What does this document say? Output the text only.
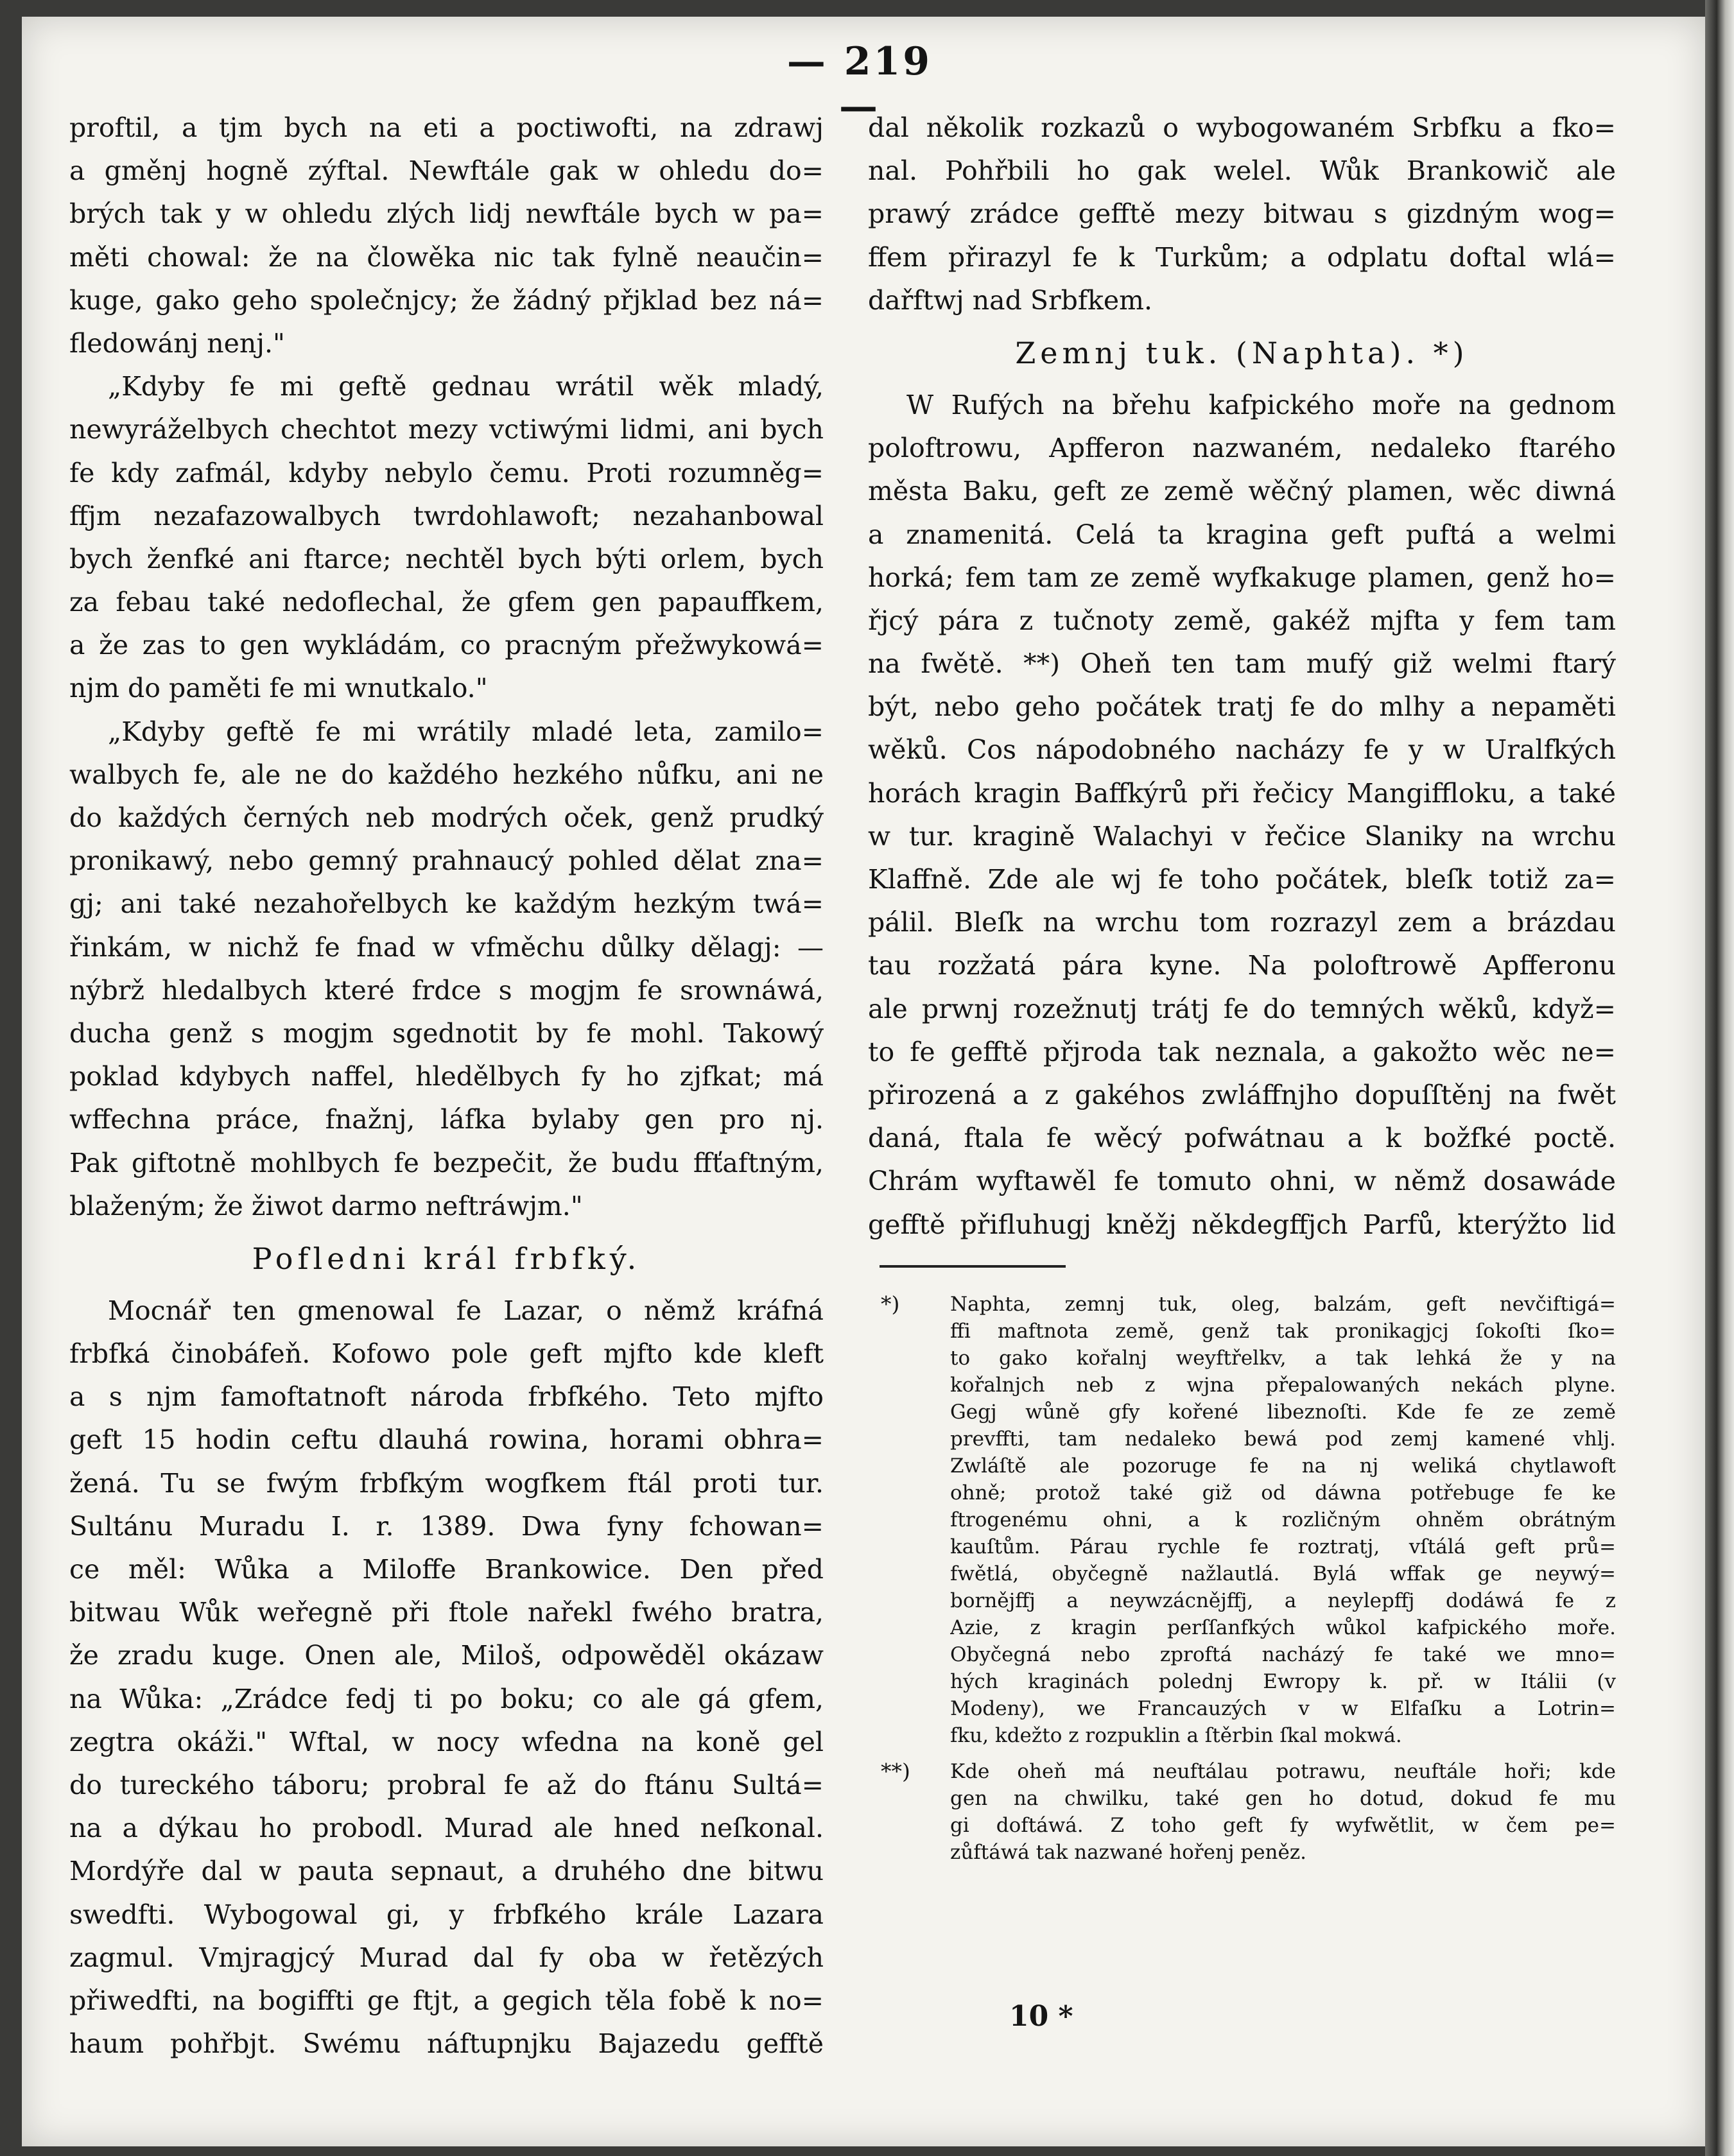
— 219 —
proftil, a tjm bych na eti a poctiwofti, na zdrawj
a gměnj hogně zýftal. Newftále gak w ohledu do=
brých tak y w ohledu zlých lidj newftále bych w pa=
měti chowal: že na člowěka nic tak fylně neaučin=
kuge, gako geho společnjcy; že žádný přjklad bez ná=
fledowánj nenj."
„Kdyby fe mi geftě gednau wrátil wěk mladý,
newyráželbych chechtot mezy vctiwými lidmi, ani bych
fe kdy zafmál, kdyby nebylo čemu. Proti rozumněg=
ffjm nezafazowalbych twrdohlawoft; nezahanbowal
bych ženfké ani ftarce; nechtěl bych býti orlem, bych
za febau také nedoflechal, že gfem gen papauffkem,
a že zas to gen wykládám, co pracným přežwykowá=
njm do paměti fe mi wnutkalo."
„Kdyby geftě fe mi wrátily mladé leta, zamilo=
walbych fe, ale ne do každého hezkého nůfku, ani ne
do každých černých neb modrých oček, genž prudký
pronikawý, nebo gemný prahnaucý pohled dělat zna=
gj; ani také nezahořelbych ke každým hezkým twá=
řinkám, w nichž fe fnad w vfměchu důlky dělagj: —
nýbrž hledalbych které frdce s mogjm fe srownáwá,
ducha genž s mogjm sgednotit by fe mohl. Takowý
poklad kdybych naffel, hledělbych fy ho zjfkat; má
wffechna práce, fnažnj, láfka bylaby gen pro nj.
Pak giftotně mohlbych fe bezpečit, že budu ffťaftným,
blaženým; že žiwot darmo neftráwjm."
Pofledni král frbfký.
Mocnář ten gmenowal fe Lazar, o němž kráfná
frbfká činobáfeň. Kofowo pole geft mjfto kde kleft
a s njm famoftatnoft národa frbfkého. Teto mjfto
geft 15 hodin ceftu dlauhá rowina, horami obhra=
žená. Tu se fwým frbfkým wogfkem ftál proti tur.
Sultánu Muradu I. r. 1389. Dwa fyny fchowan=
ce měl: Wůka a Miloffe Brankowice. Den před
bitwau Wůk weřegně při ftole nařekl fwého bratra,
že zradu kuge. Onen ale, Miloš, odpowěděl okázaw
na Wůka: „Zrádce fedj ti po boku; co ale gá gfem,
zegtra okáži." Wftal, w nocy wfedna na koně gel
do tureckého táboru; probral fe až do ftánu Sultá=
na a dýkau ho probodl. Murad ale hned neſkonal.
Mordýře dal w pauta sepnaut, a druhého dne bitwu
swedfti. Wybogowal gi, y frbfkého krále Lazara
zagmul. Vmjragjcý Murad dal fy oba w řetězých
přiwedfti, na bogiffti ge ftjt, a gegich těla fobě k no=
haum pohřbjt. Swému náftupnjku Bajazedu gefftě
dal několik rozkazů o wybogowaném Srbfku a fko=
nal. Pohřbili ho gak welel. Wůk Brankowič ale
prawý zrádce gefftě mezy bitwau s gizdným wog=
ffem přirazyl fe k Turkům; a odplatu doftal wlá=
dařftwj nad Srbfkem.
Zemnj tuk. (Naphta). *)
W Rufých na břehu kafpického moře na gednom
poloftrowu, Apfferon nazwaném, nedaleko ftarého
města Baku, geft ze země wěčný plamen, wěc diwná
a znamenitá. Celá ta kragina geft puftá a welmi
horká; fem tam ze země wyfkakuge plamen, genž ho=
řjcý pára z tučnoty země, gakéž mjfta y fem tam
na fwětě. **) Oheň ten tam mufý giž welmi ftarý
být, nebo geho počátek tratj fe do mlhy a nepaměti
wěků. Cos nápodobného nacházy fe y w Uralfkých
horách kragin Baffkýrů při řečicy Mangiffloku, a také
w tur. kragině Walachyi v řečice Slaniky na wrchu
Klaffně. Zde ale wj fe toho počátek, bleſk totiž za=
pálil. Bleſk na wrchu tom rozrazyl zem a brázdau
tau rozžatá pára kyne. Na poloftrowě Apfferonu
ale prwnj rozežnutj trátj fe do temných wěků, když=
to fe gefftě přjroda tak neznala, a gakožto wěc ne=
přirozená a z gakéhos zwláffnjho dopuſſtěnj na fwět
daná, ftala fe wěcý pofwátnau a k božfké poctě.
Chrám wyftawěl fe tomuto ohni, w němž dosawáde
gefftě přifluhugj kněžj někdegffjch Parfů, kterýžto lid
*)	Naphta, zemnj tuk, oleg, balzám, geft nevčiftigá=
ffi maftnota země, genž tak pronikagjcj ſokoſti ſko=
to gako kořalnj weyftřelkv, a tak lehká že y na
kořalnjch neb z wjna přepalowaných nekách plyne.
Gegj wůně gfy kořené libeznoſti. Kde fe ze země
prevffti, tam nedaleko bewá pod zemj kamené vhlj.
Zwláſtě ale pozoruge fe na nj weliká chytlawoft
ohně; protož také giž od dáwna potřebuge fe ke
ftrogenému ohni, a k rozličným ohněm obrátným
kauſtům. Párau rychle fe roztratj, vſtálá geft prů=
fwětlá, obyčegně nažlautlá. Bylá wffak ge neywý=
bornějffj a neywzácnějffj, a neylepffj dodáwá fe z
Azie, z kragin perſſanfkých wůkol kafpického moře.
Obyčegná nebo zproftá nacházý fe také we mno=
hých kraginách polednj Ewropy k. př. w Itálii (v
Modeny), we Francauzých v w Elfaſku a Lotrin=
fku, kdežto z rozpuklin a ſtěrbin ſkal mokwá.
**) Kde oheň má neuftálau potrawu, neuftále hoři; kde
gen na chwilku, také gen ho dotud, dokud fe mu
gi doftáwá. Z toho geft fy wyfwětlit, w čem pe=
zůftáwá tak nazwané hořenj peněz.
10 *
